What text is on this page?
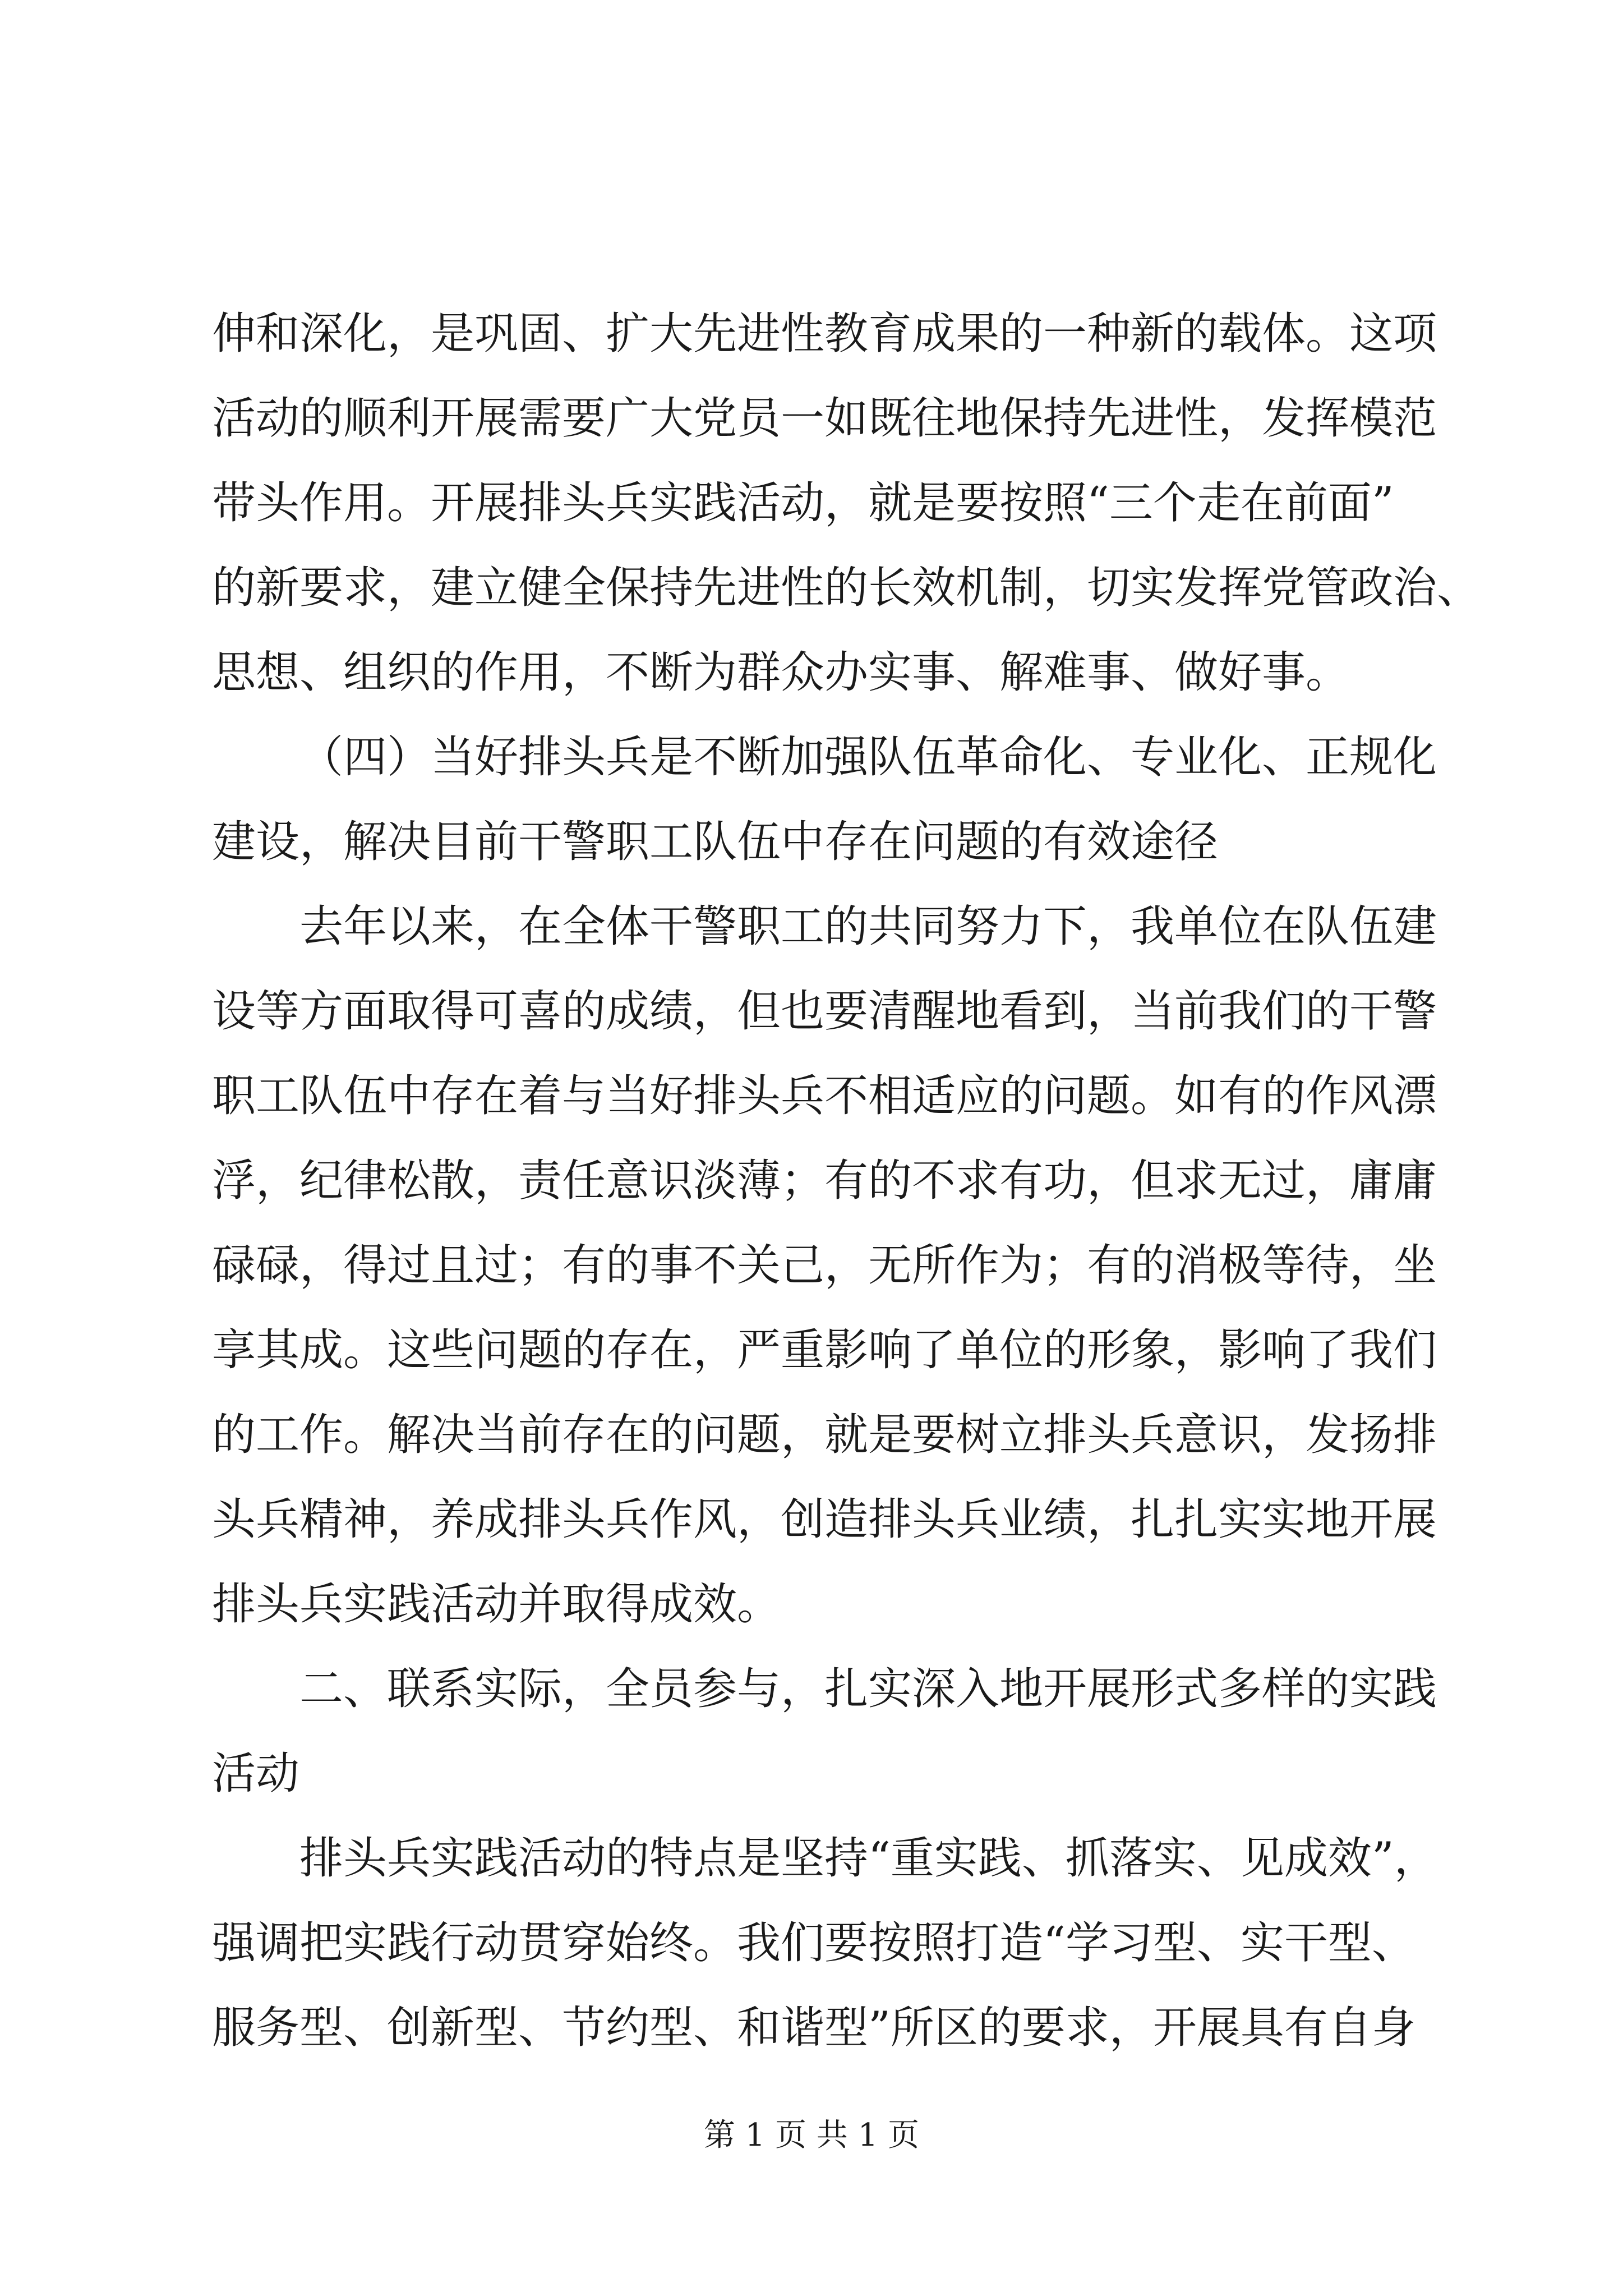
伸和深化，是巩固、扩大先进性教育成果的一种新的载体。这项
活动的顺利开展需要广大党员一如既往地保持先进性，发挥模范
带头作用。开展排头兵实践活动，就是要按照“三个走在前面”
的新要求，建立健全保持先进性的长效机制，切实发挥党管政治、
思想、组织的作用，不断为群众办实事、解难事、做好事。
（四）当好排头兵是不断加强队伍革命化、专业化、正规化
建设，解决目前干警职工队伍中存在问题的有效途径
去年以来，在全体干警职工的共同努力下，我单位在队伍建
设等方面取得可喜的成绩，但也要清醒地看到，当前我们的干警
职工队伍中存在着与当好排头兵不相适应的问题。如有的作风漂
浮，纪律松散，责任意识淡薄；有的不求有功，但求无过，庸庸
碌碌，得过且过；有的事不关己，无所作为；有的消极等待，坐
享其成。这些问题的存在，严重影响了单位的形象，影响了我们
的工作。解决当前存在的问题，就是要树立排头兵意识，发扬排
头兵精神，养成排头兵作风，创造排头兵业绩，扎扎实实地开展
排头兵实践活动并取得成效。
二、联系实际，全员参与，扎实深入地开展形式多样的实践
活动
排头兵实践活动的特点是坚持“重实践、抓落实、见成效”，
强调把实践行动贯穿始终。我们要按照打造“学习型、实干型、
服务型、创新型、节约型、和谐型”所区的要求，开展具有自身
第 1 页 共 1 页
